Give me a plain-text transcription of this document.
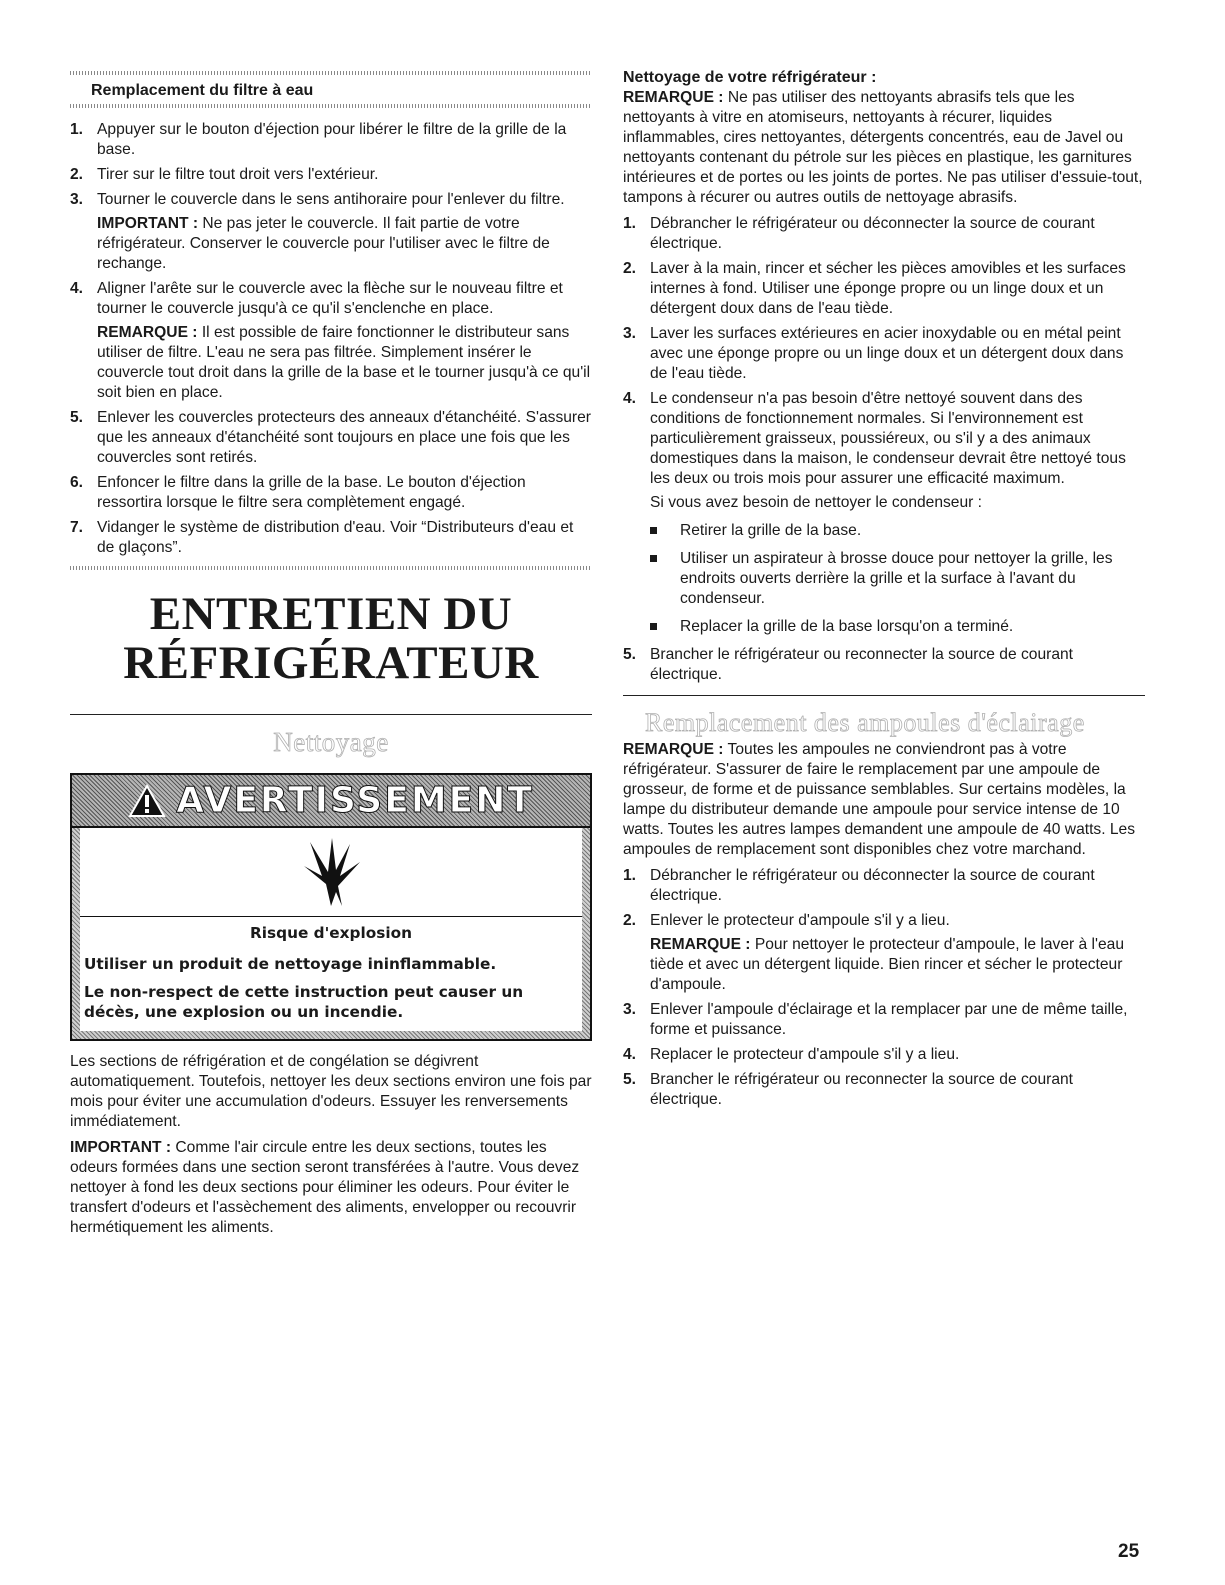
Remplacement du filtre à eau
1. Appuyer sur le bouton d'éjection pour libérer le filtre de la grille de la base.
2. Tirer sur le filtre tout droit vers l'extérieur.
3. Tourner le couvercle dans le sens antihoraire pour l'enlever du filtre.
IMPORTANT : Ne pas jeter le couvercle. Il fait partie de votre réfrigérateur. Conserver le couvercle pour l'utiliser avec le filtre de rechange.
4. Aligner l'arête sur le couvercle avec la flèche sur le nouveau filtre et tourner le couvercle jusqu'à ce qu'il s'enclenche en place.
REMARQUE : Il est possible de faire fonctionner le distributeur sans utiliser de filtre. L'eau ne sera pas filtrée. Simplement insérer le couvercle tout droit dans la grille de la base et le tourner jusqu'à ce qu'il soit bien en place.
5. Enlever les couvercles protecteurs des anneaux d'étanchéité. S'assurer que les anneaux d'étanchéité sont toujours en place une fois que les couvercles sont retirés.
6. Enfoncer le filtre dans la grille de la base. Le bouton d'éjection ressortira lorsque le filtre sera complètement engagé.
7. Vidanger le système de distribution d'eau. Voir “Distributeurs d'eau et de glaçons”.
ENTRETIEN DU
RÉFRIGÉRATEUR
Nettoyage
AVERTISSEMENT
Risque d'explosion
Utiliser un produit de nettoyage ininflammable.
Le non-respect de cette instruction peut causer un décès, une explosion ou un incendie.

Les sections de réfrigération et de congélation se dégivrent automatiquement. Toutefois, nettoyer les deux sections environ une fois par mois pour éviter une accumulation d'odeurs. Essuyer les renversements immédiatement.

IMPORTANT : Comme l'air circule entre les deux sections, toutes les odeurs formées dans une section seront transférées à l'autre. Vous devez nettoyer à fond les deux sections pour éliminer les odeurs. Pour éviter le transfert d'odeurs et l'assèchement des aliments, envelopper ou recouvrir hermétiquement les aliments.

Nettoyage de votre réfrigérateur :

REMARQUE : Ne pas utiliser des nettoyants abrasifs tels que les nettoyants à vitre en atomiseurs, nettoyants à récurer, liquides inflammables, cires nettoyantes, détergents concentrés, eau de Javel ou nettoyants contenant du pétrole sur les pièces en plastique, les garnitures intérieures et de portes ou les joints de portes. Ne pas utiliser d'essuie-tout, tampons à récurer ou autres outils de nettoyage abrasifs.

1. Débrancher le réfrigérateur ou déconnecter la source de courant électrique.
2. Laver à la main, rincer et sécher les pièces amovibles et les surfaces internes à fond. Utiliser une éponge propre ou un linge doux et un détergent doux dans de l'eau tiède.
3. Laver les surfaces extérieures en acier inoxydable ou en métal peint avec une éponge propre ou un linge doux et un détergent doux dans de l'eau tiède.
4. Le condenseur n'a pas besoin d'être nettoyé souvent dans des conditions de fonctionnement normales. Si l'environnement est particulièrement graisseux, poussiéreux, ou s'il y a des animaux domestiques dans la maison, le condenseur devrait être nettoyé tous les deux ou trois mois pour assurer une efficacité maximum.
Si vous avez besoin de nettoyer le condenseur :
Retirer la grille de la base.
Utiliser un aspirateur à brosse douce pour nettoyer la grille, les endroits ouverts derrière la grille et la surface à l'avant du condenseur.
Replacer la grille de la base lorsqu'on a terminé.
5. Brancher le réfrigérateur ou reconnecter la source de courant électrique.
Remplacement des ampoules d'éclairage

REMARQUE : Toutes les ampoules ne conviendront pas à votre réfrigérateur. S'assurer de faire le remplacement par une ampoule de grosseur, de forme et de puissance semblables. Sur certains modèles, la lampe du distributeur demande une ampoule pour service intense de 10 watts. Toutes les autres lampes demandent une ampoule de 40 watts. Les ampoules de remplacement sont disponibles chez votre marchand.

1. Débrancher le réfrigérateur ou déconnecter la source de courant électrique.
2. Enlever le protecteur d'ampoule s'il y a lieu.
REMARQUE : Pour nettoyer le protecteur d'ampoule, le laver à l'eau tiède et avec un détergent liquide. Bien rincer et sécher le protecteur d'ampoule.
3. Enlever l'ampoule d'éclairage et la remplacer par une de même taille, forme et puissance.
4. Replacer le protecteur d'ampoule s'il y a lieu.
5. Brancher le réfrigérateur ou reconnecter la source de courant électrique.
25
